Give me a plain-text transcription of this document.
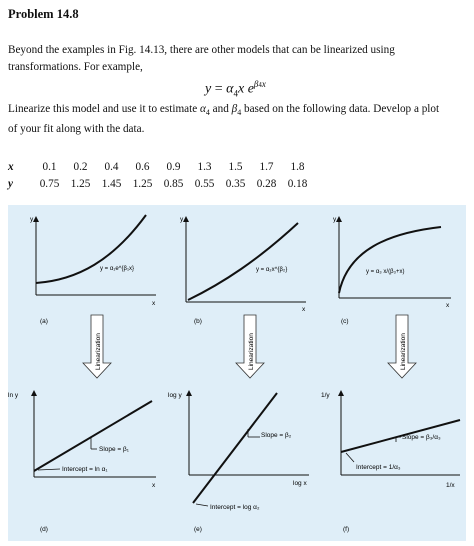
Problem 14.8
Beyond the examples in Fig. 14.13, there are other models that can be linearized using
transformations. For example,
$y = \alpha_4x$ $e^{\beta 4x}$
Linearize this model and use it to estimate $\alpha_4$ and $\beta_4$ based on the following data. Develop a plot
of your fit along with the data.
x	0.1	0.2	0.4	0.6	0.9	1.3	1.5	1.7	1.8
y	0.75	1.25	1.45	1.25	0.85	0.55	0.35	0.28	0.18
y
x
y = α₁e^{β₁x}
(a)
y
x
y = α₂x^{β₂}
(b)
y
x
y = α₃ x/(β₃+x)
(c)
Linearization	Linearization	Linearization
ln y
x
Slope = β₁
Intercept = ln α₁
(d)
log y
log x
Slope = β₂
Intercept = log α₂
(e)
1/y
1/x
Slope = β₃/α₃
Intercept = 1/α₃
(f)
